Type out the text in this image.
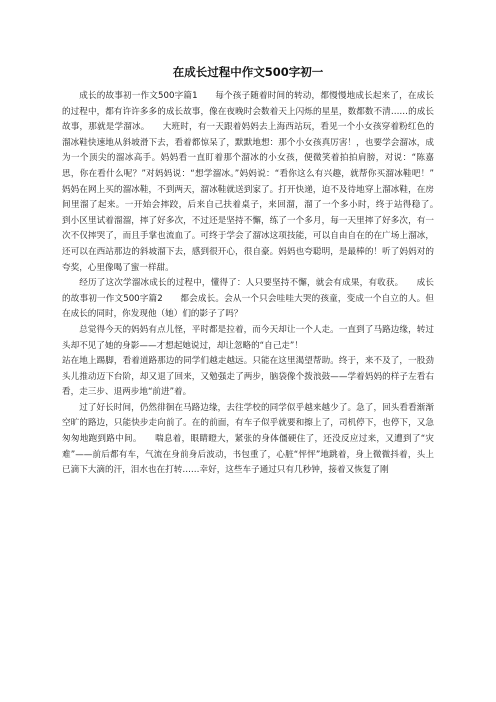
在成长过程中作文500字初一

成长的故事初一作文500字篇1　　每个孩子随着时间的转动，都慢慢地成长起来了，在成长的过程中，都有许许多多的成长故事，像在夜晚时会数着天上闪烁的星星，数都数不清……的成长故事，那就是学溜冰。　　大班时，有一天跟着妈妈去上海西站玩，看见一个小女孩穿着粉红色的溜冰鞋快速地从斜坡滑下去，看着都惊呆了，默默地想：那个小女孩真厉害！，也要学会溜冰，成为一个顶尖的溜冰高手。妈妈看一直盯着那个溜冰的小女孩，便微笑着拍拍肩膀，对说：“陈嘉思，你在看什么呢？”对妈妈说：“想学溜冰。”妈妈说：“看你这么有兴趣，就帮你买溜冰鞋吧！”　　妈妈在网上买的溜冰鞋，不到两天，溜冰鞋就送到家了。打开快递，迫不及待地穿上溜冰鞋，在房间里溜了起来。一开始会摔跤，后来自己扶着桌子，来回溜，溜了一个多小时，终于站得稳了。　　到小区里试着溜溜，摔了好多次，不过还是坚持不懈，练了一个多月，每一天里摔了好多次，有一次不仅摔哭了，而且手掌也流血了。可终于学会了溜冰这项技能，可以自由自在的在广场上溜冰，还可以在西站那边的斜坡溜下去，感到很开心，很自豪。妈妈也夸聪明，是最棒的！听了妈妈对的夸奖，心里像喝了蜜一样甜。

经历了这次学溜冰成长的过程中，懂得了：人只要坚持不懈，就会有成果，有收获。　　成长的故事初一作文500字篇2　　都会成长。会从一个只会哇哇大哭的孩童，变成一个自立的人。但在成长的同时，你发现他（她）们的影子了吗？

总觉得今天的妈妈有点儿怪，平时都是拉着，而今天却让一个人走。一直到了马路边缘，转过头却不见了她的身影——才想起她说过，却让忽略的“自己走”！

站在地上踢脚，看着道路那边的同学们越走越远。只能在这里渴望帮助。终于，来不及了，一股劲头儿推动迈下台阶，却又退了回来，又勉强走了两步，脑袋像个拨浪鼓——学着妈妈的样子左看右看，走三步、退两步地“前进”着。

过了好长时间，仍然徘徊在马路边缘，去往学校的同学似乎越来越少了。急了，回头看看渐渐空旷的路边，只能快步走向前了。在的前面，有车子似乎就要和擦上了，司机停下，也停下，又急匆匆地跑到路中间。　　喘息着，眼睛瞪大，紧张的身体僵硬住了，还没反应过来，又遭到了“灾难”——前后都有车，气流在身前身后波动，书包重了，心脏“怦怦”地跳着，身上微微抖着，头上已滴下大滴的汗，泪水也在打转……幸好，这些车子通过只有几秒钟，接着又恢复了刚
